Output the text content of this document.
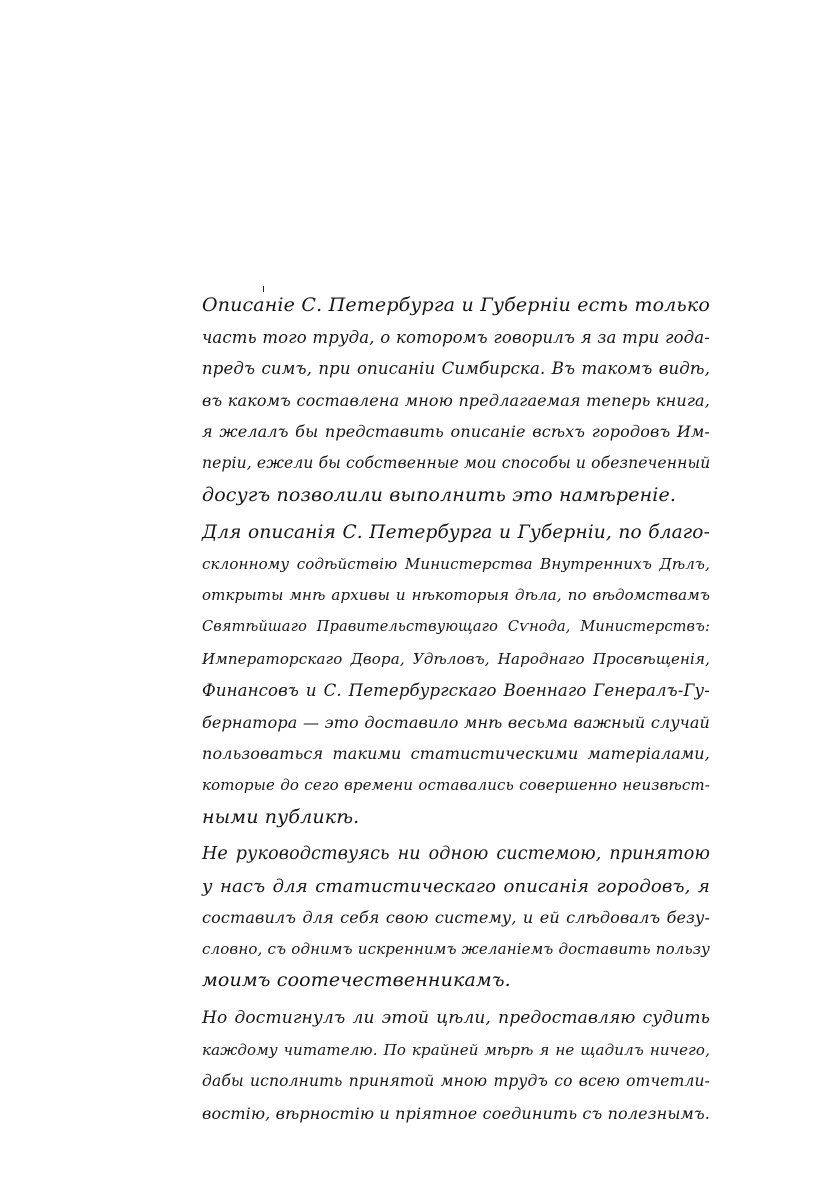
Описаніе С. Петербурга и Губерніи есть только
часть того труда, о которомъ говорилъ я за три года-
предъ симъ, при описаніи Симбирска. Въ такомъ видѣ,
въ какомъ составлена мною предлагаемая теперь книга,
я желалъ бы представить описаніе всѣхъ городовъ Им-
періи, ежели бы собственные мои способы и обезпеченный
досугъ позволили выполнить это намѣреніе.
Для описанія С. Петербурга и Губерніи, по благо-
склонному содѣйствію Министерства Внутреннихъ Дѣлъ,
открыты мнѣ архивы и нѣкоторыя дѣла, по вѣдомствамъ
Святѣйшаго Правительствующаго Сѵнода, Министерствъ:
Императорскаго Двора, Удѣловъ, Народнаго Просвѣщенія,
Финансовъ и С. Петербургскаго Военнаго Генералъ-Гу-
бернатора — это доставило мнѣ весьма важный случай
пользоваться такими статистическими матеріалами,
которые до сего времени оставались совершенно неизвѣст-
ными публикѣ.
Не руководствуясь ни одною системою, принятою
у насъ для статистическаго описанія городовъ, я
составилъ для себя свою систему, и ей слѣдовалъ безу-
словно, съ однимъ искреннимъ желаніемъ доставить пользу
моимъ соотечественникамъ.
Но достигнулъ ли этой цѣли, предоставляю судить
каждому читателю. По крайней мѣрѣ я не щадилъ ничего,
дабы исполнить принятой мною трудъ со всею отчетли-
востію, вѣрностію и пріятное соединить съ полезнымъ.
